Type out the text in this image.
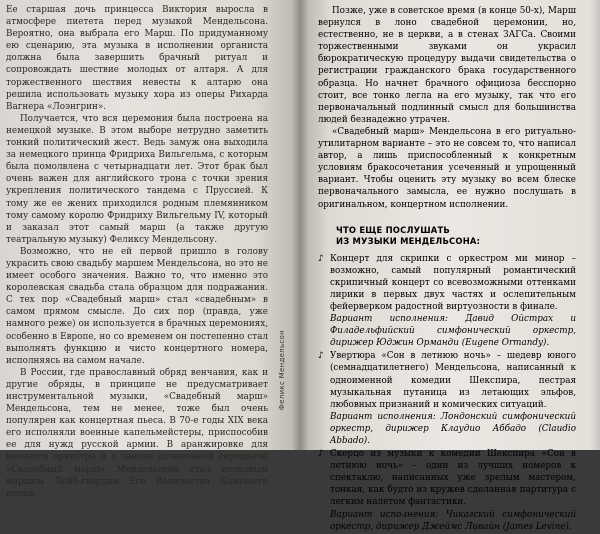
Ее старшая дочь принцесса Виктория выросла в атмосфере пиетета перед музыкой Мендельсона. Вероятно, она выбрала его Марш. По придуманному ею сценарию, эта музыка в исполнении органиста должна была завершить брачный ритуал и сопровождать шествие молодых от алтаря. А для торжественного шествия невесты к алтарю она решила использовать музыку хора из оперы Рихарда Вагнера «Лоэнгрин».

Получается, что вся церемония была построена на немецкой музыке. В этом выборе нетрудно заметить тонкий политический жест. Ведь замуж она выходила за немецкого принца Фридриха Вильгельма, с которым была помолвлена с четырнадцати лет. Этот брак был очень важен для английского трона с точки зрения укрепления политического тандема с Пруссией. К тому же ее жених приходился родным племянником тому самому королю Фридриху Вильгельму IV, который и заказал этот самый марш (а также другую театральную музыку) Феликсу Мендельсону.

Возможно, что не ей первой пришло в голову украсить свою свадьбу маршем Мендельсона, но это не имеет особого значения. Важно то, что именно это королевская свадьба стала образцом для подражания. С тех пор «Свадебный марш» стал «свадебным» в самом прямом смысле. До сих пор (правда, уже намного реже) он используется в брачных церемониях, особенно в Европе, но со временем он постепенно стал выполнять функцию и чисто концертного номера, исполняясь на самом начале.

В России, где православный обряд венчания, как и другие обряды, в принципе не предусматривает инструментальной музыки, «Свадебный марш» Мендельсона, тем не менее, тоже был очень популярен как концертная пьеса. В 70-е годы XIX века его исполняли военные капельмейстеры, приспособив ее для нужд русской армии. В аранжировке для военного оркестра и с заново сочиненной серединой «Свадебный марш» Мендельсона стал полковым маршем Лейб-гвардии Его Величества Казачьего полка.

Феликс Мендельсон

Позже, уже в советское время (в конце 50-х), Марш вернулся в лоно свадебной церемонии, но, естественно, не в церкви, а в стенах ЗАГСа. Своими торжественными звуками он украсил бюрократическую процедуру выдачи свидетельства о регистрации гражданского брака государственного образца. Но начнет брачного официоза бесспорно стоит, все тонко легла на его музыку, так что его первоначальный подлинный смысл для большинства людей безнадежно утрачен.

«Свадебный марш» Мендельсона в его ритуально-утилитарном варианте – это не совсем то, что написал автор, а лишь приспособленный к конкретным условиям бракосочетания усеченный и упрощенный вариант. Чтобы оценить эту музыку во всем блеске первоначального замысла, ее нужно послушать в оригинальном, концертном исполнении.

ЧТО ЕЩЕ ПОСЛУШАТЬ
ИЗ МУЗЫКИ МЕНДЕЛЬСОНА:
♪ Концерт для скрипки с оркестром ми минор – возможно, самый популярный романтический скрипичный концерт со всевозможными оттенками лирики в первых двух частях и ослепительным фейерверком радостной виртуозности в финале.
Вариант исполнения: Давид Ойстрах и Филадельфийский симфонический оркестр, дирижер Юджин Орманди (Eugene Ormandy).
♪ Увертюра «Сон в летнюю ночь» – шедевр юного (семнадцатилетнего) Мендельсона, написанный к одноименной комедии Шекспира, пестрая музыкальная путаница из летающих эльфов, любовных признаний и комических ситуаций.
Вариант исполнения: Лондонский симфонический оркестр, дирижер Клаудио Аббадо (Claudio Abbado).
♪ Скерцо из музыки к комедии Шекспира «Сон в летнюю ночь» – один из лучших номеров к спектаклю, написанных уже зрелым мастером, тонкая, как будто из кружев сделанная партитура с легким налетом фантастики.
Вариант исполнения: Чикагский симфонический оркестр, дирижер Джеймс Ливайн (James Levine).
